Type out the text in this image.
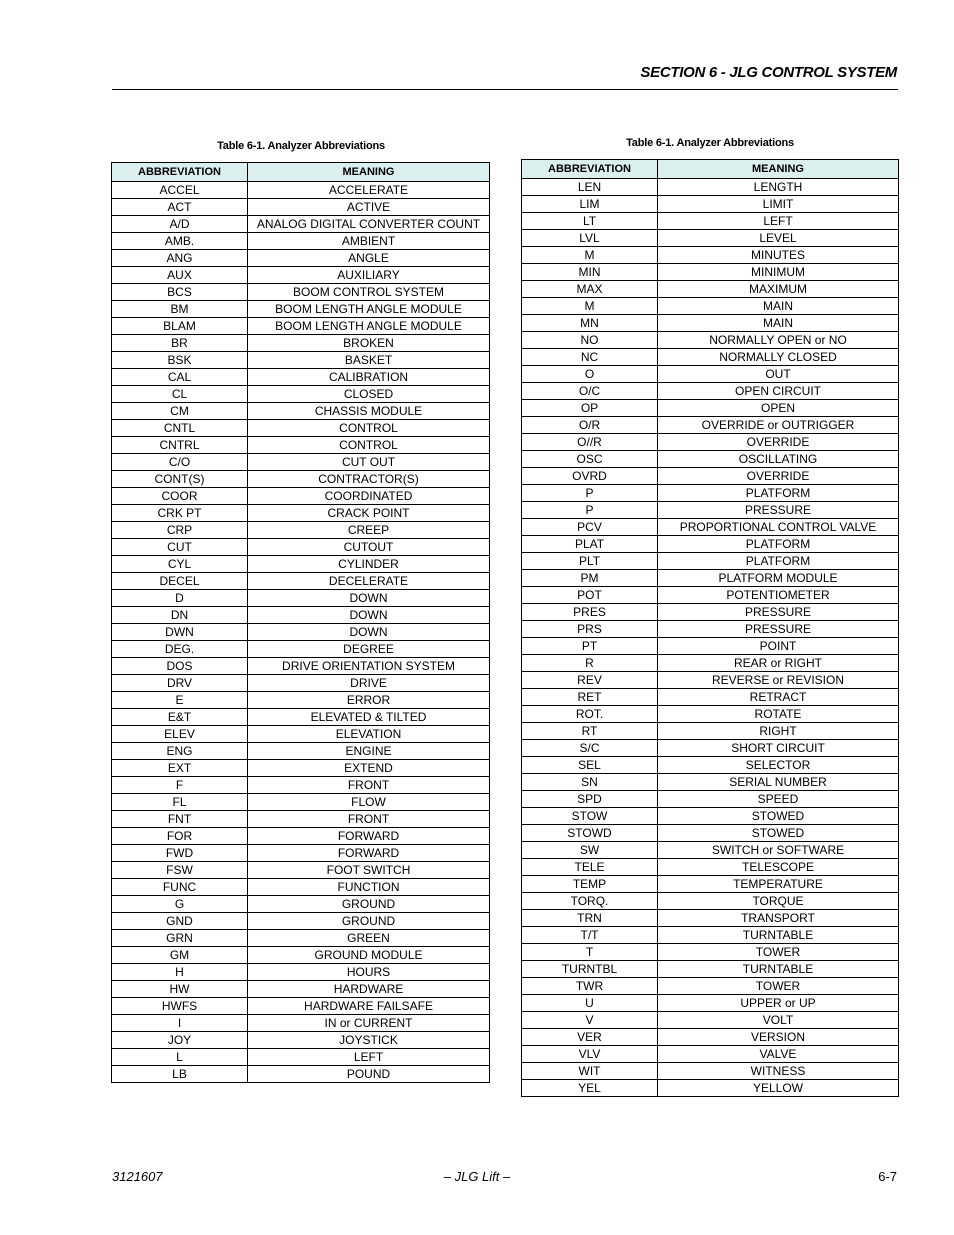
SECTION 6 - JLG CONTROL SYSTEM
Table 6-1. Analyzer Abbreviations
ABBREVIATION	MEANING
ACCEL	ACCELERATE
ACT	ACTIVE
A/D	ANALOG DIGITAL CONVERTER COUNT
AMB.	AMBIENT
ANG	ANGLE
AUX	AUXILIARY
BCS	BOOM CONTROL SYSTEM
BM	BOOM LENGTH ANGLE MODULE
BLAM	BOOM LENGTH ANGLE MODULE
BR	BROKEN
BSK	BASKET
CAL	CALIBRATION
CL	CLOSED
CM	CHASSIS MODULE
CNTL	CONTROL
CNTRL	CONTROL
C/O	CUT OUT
CONT(S)	CONTRACTOR(S)
COOR	COORDINATED
CRK PT	CRACK POINT
CRP	CREEP
CUT	CUTOUT
CYL	CYLINDER
DECEL	DECELERATE
D	DOWN
DN	DOWN
DWN	DOWN
DEG.	DEGREE
DOS	DRIVE ORIENTATION SYSTEM
DRV	DRIVE
E	ERROR
E&T	ELEVATED & TILTED
ELEV	ELEVATION
ENG	ENGINE
EXT	EXTEND
F	FRONT
FL	FLOW
FNT	FRONT
FOR	FORWARD
FWD	FORWARD
FSW	FOOT SWITCH
FUNC	FUNCTION
G	GROUND
GND	GROUND
GRN	GREEN
GM	GROUND MODULE
H	HOURS
HW	HARDWARE
HWFS	HARDWARE FAILSAFE
I	IN or CURRENT
JOY	JOYSTICK
L	LEFT
LB	POUND
Table 6-1. Analyzer Abbreviations
ABBREVIATION	MEANING
LEN	LENGTH
LIM	LIMIT
LT	LEFT
LVL	LEVEL
M	MINUTES
MIN	MINIMUM
MAX	MAXIMUM
M	MAIN
MN	MAIN
NO	NORMALLY OPEN or NO
NC	NORMALLY CLOSED
O	OUT
O/C	OPEN CIRCUIT
OP	OPEN
O/R	OVERRIDE or OUTRIGGER
O//R	OVERRIDE
OSC	OSCILLATING
OVRD	OVERRIDE
P	PLATFORM
P	PRESSURE
PCV	PROPORTIONAL CONTROL VALVE
PLAT	PLATFORM
PLT	PLATFORM
PM	PLATFORM MODULE
POT	POTENTIOMETER
PRES	PRESSURE
PRS	PRESSURE
PT	POINT
R	REAR or RIGHT
REV	REVERSE or REVISION
RET	RETRACT
ROT.	ROTATE
RT	RIGHT
S/C	SHORT CIRCUIT
SEL	SELECTOR
SN	SERIAL NUMBER
SPD	SPEED
STOW	STOWED
STOWD	STOWED
SW	SWITCH or SOFTWARE
TELE	TELESCOPE
TEMP	TEMPERATURE
TORQ.	TORQUE
TRN	TRANSPORT
T/T	TURNTABLE
T	TOWER
TURNTBL	TURNTABLE
TWR	TOWER
U	UPPER or UP
V	VOLT
VER	VERSION
VLV	VALVE
WIT	WITNESS
YEL	YELLOW
3121607	– JLG Lift –	6-7
